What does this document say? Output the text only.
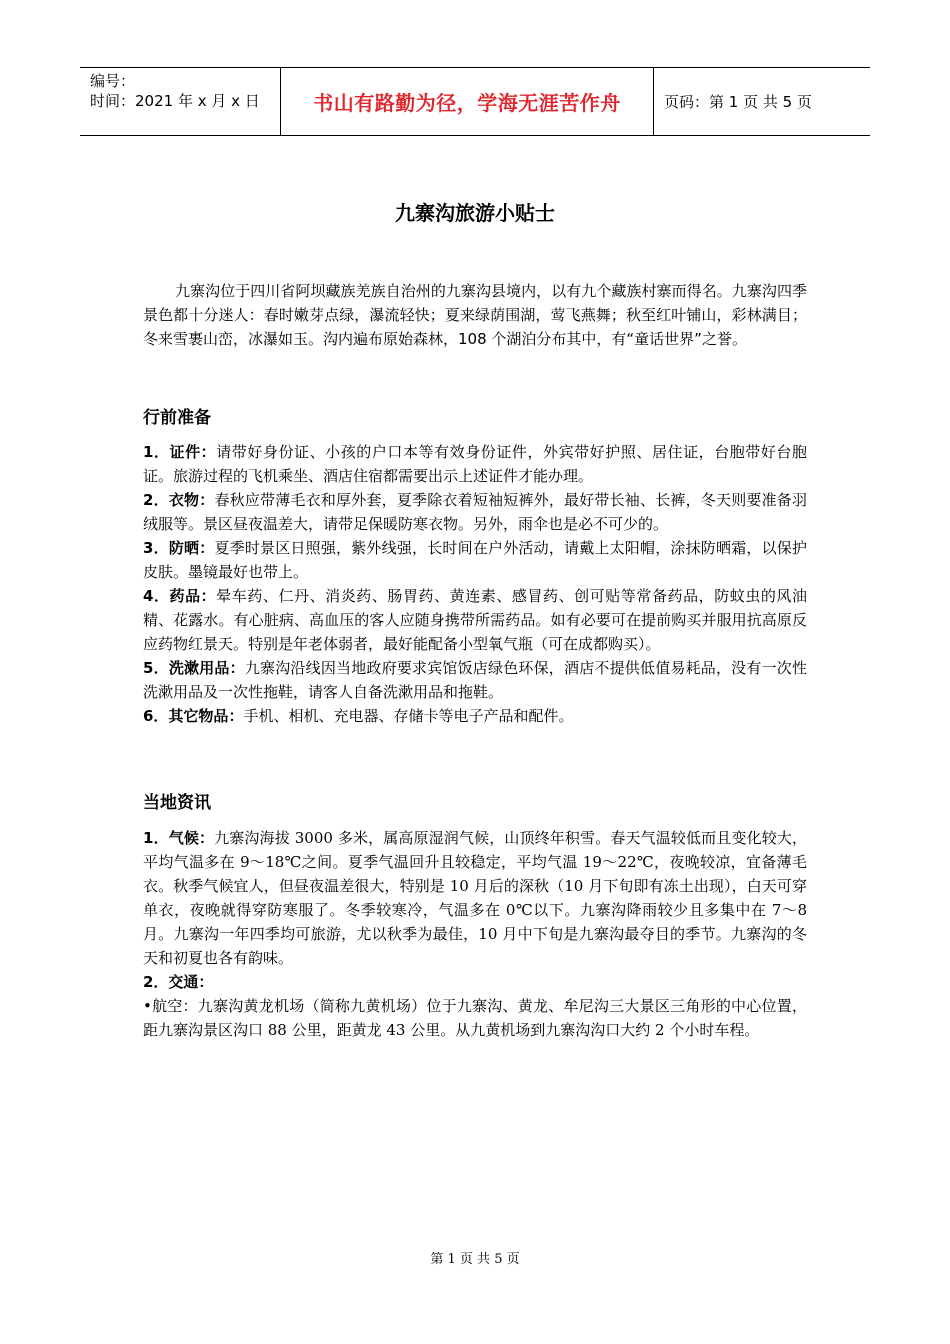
编号：
时间：2021 年 x 月 x 日	书山有路勤为径，学海无涯苦作舟	页码：第 1 页 共 5 页
九寨沟旅游小贴士

九寨沟位于四川省阿坝藏族羌族自治州的九寨沟县境内，以有九个藏族村寨而得名。九寨沟四季景色都十分迷人：春时嫩芽点绿，瀑流轻快；夏来绿荫围湖，莺飞燕舞；秋至红叶铺山，彩林满目；冬来雪裹山峦，冰瀑如玉。沟内遍布原始森林，108 个湖泊分布其中，有“童话世界”之誉。

行前准备

1．证件：请带好身份证、小孩的户口本等有效身份证件，外宾带好护照、居住证，台胞带好台胞证。旅游过程的飞机乘坐、酒店住宿都需要出示上述证件才能办理。

2．衣物：春秋应带薄毛衣和厚外套，夏季除衣着短袖短裤外，最好带长袖、长裤，冬天则要准备羽绒服等。景区昼夜温差大，请带足保暖防寒衣物。另外，雨伞也是必不可少的。

3．防晒：夏季时景区日照强，紫外线强，长时间在户外活动，请戴上太阳帽，涂抹防晒霜，以保护皮肤。墨镜最好也带上。

4．药品：晕车药、仁丹、消炎药、肠胃药、黄连素、感冒药、创可贴等常备药品，防蚊虫的风油精、花露水。有心脏病、高血压的客人应随身携带所需药品。如有必要可在提前购买并服用抗高原反应药物红景天。特别是年老体弱者，最好能配备小型氧气瓶（可在成都购买）。

5．洗漱用品：九寨沟沿线因当地政府要求宾馆饭店绿色环保，酒店不提供低值易耗品，没有一次性洗漱用品及一次性拖鞋，请客人自备洗漱用品和拖鞋。

6．其它物品：手机、相机、充电器、存储卡等电子产品和配件。

当地资讯

1．气候：九寨沟海拔 3000 多米，属高原湿润气候，山顶终年积雪。春天气温较低而且变化较大，平均气温多在 9～18℃之间。夏季气温回升且较稳定，平均气温 19～22℃，夜晚较凉，宜备薄毛衣。秋季气候宜人，但昼夜温差很大，特别是 10 月后的深秋（10 月下旬即有冻土出现），白天可穿单衣，夜晚就得穿防寒服了。冬季较寒冷，气温多在 0℃以下。九寨沟降雨较少且多集中在 7～8 月。九寨沟一年四季均可旅游，尤以秋季为最佳，10 月中下旬是九寨沟最夺目的季节。九寨沟的冬天和初夏也各有韵味。

2．交通：

•航空：九寨沟黄龙机场（简称九黄机场）位于九寨沟、黄龙、牟尼沟三大景区三角形的中心位置，距九寨沟景区沟口 88 公里，距黄龙 43 公里。从九黄机场到九寨沟沟口大约 2 个小时车程。

第 1 页 共 5 页
